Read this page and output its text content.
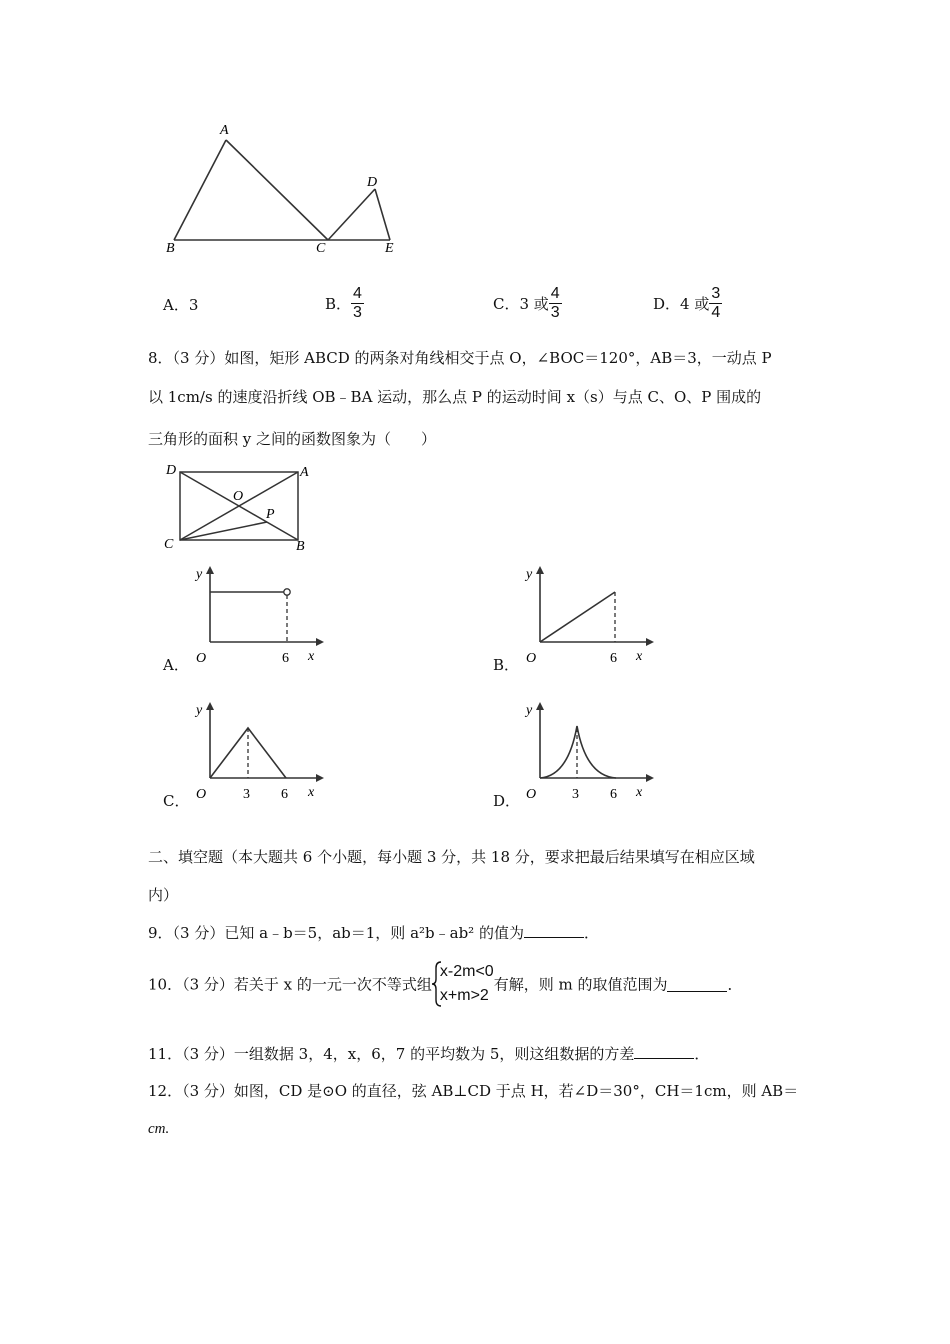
A
B	C
D
E
A．3	B． $\frac{4}{3}$	C．3 或 $\frac{4}{3}$	D．4 或 $\frac{3}{4}$
8．（3 分）如图，矩形 ABCD 的两条对角线相交于点 O，∠BOC＝120°，AB＝3，一动点 P
以 1cm/s 的速度沿折线 OB﹣BA 运动，那么点 P 的运动时间 x（s）与点 C、O、P 围成的
三角形的面积 y 之间的函数图象为（　　）
D	A
O
P
C	B
A．
y
x
O	6	B．
y
x
O	6
C．
y
x
O	3 6	D．
y
x
O	3 6
二、填空题（本大题共 6 个小题，每小题 3 分，共 18 分，要求把最后结果填写在相应区域
内）
9．（3 分）已知 a﹣b＝5，ab＝1，则 a²b﹣ab² 的值为	．
10．（3 分）若关于 x 的一元一次不等式组
x-2m<0
x+m>2
有解，则 m 的取值范围为	．
11．（3 分）一组数据 3，4，x，6，7 的平均数为 5，则这组数据的方差	．
12．（3 分）如图，CD 是⊙O 的直径，弦 AB⊥CD 于点 H，若∠D＝30°，CH＝1cm，则 AB＝
cm.
